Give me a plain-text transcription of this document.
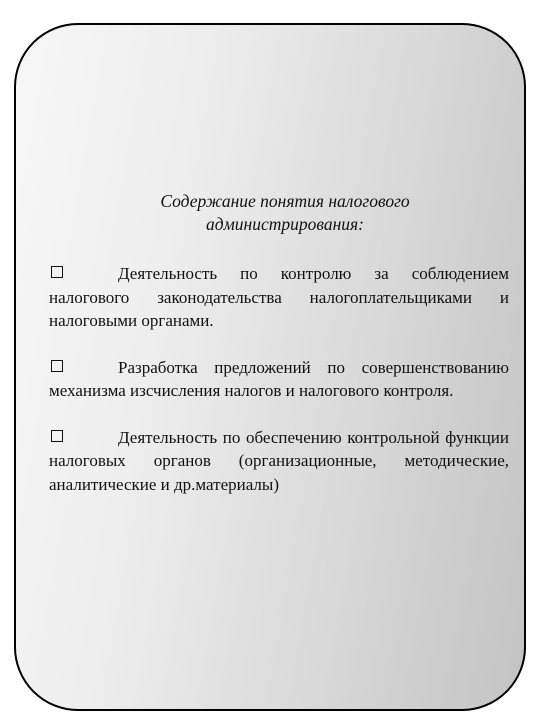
Содержание понятия налогового
администрирования:
Деятельность по контролю за соблюдением налогового законодательства налогоплательщиками и налоговыми органами.
Разработка предложений по совершенствованию механизма изсчисления налогов и налогового контроля.
Деятельность по обеспечению контрольной функции налоговых органов (организационные, методические, аналитические и др.материалы)
